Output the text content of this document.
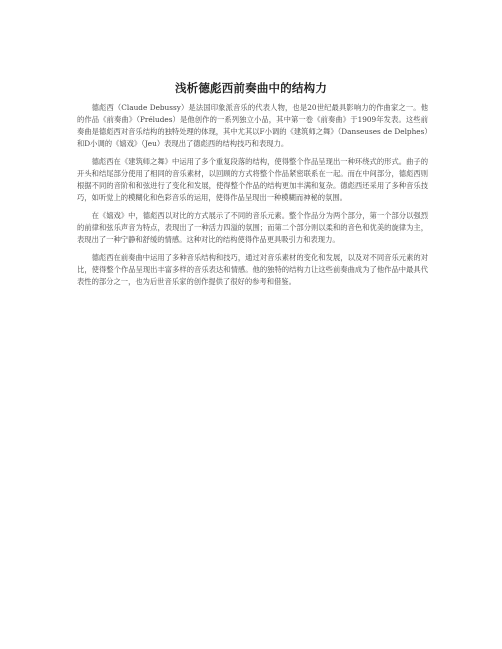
浅析德彪西前奏曲中的结构力

德彪西（Claude Debussy）是法国印象派音乐的代表人物，也是20世纪最具影响力的作曲家之一。他的作品《前奏曲》（Préludes）是他创作的一系列独立小品，其中第一卷《前奏曲》于1909年发表。这些前奏曲是德彪西对音乐结构的独特处理的体现，其中尤其以F小调的《建筑师之舞》（Danseuses de Delphes）和D小调的《嬉戏》（Jeu）表现出了德彪西的结构技巧和表现力。

德彪西在《建筑师之舞》中运用了多个重复段落的结构，使得整个作品呈现出一种环绕式的形式。曲子的开头和结尾部分使用了相同的音乐素材，以回顾的方式将整个作品紧密联系在一起。而在中间部分，德彪西则根据不同的音阶和和弦进行了变化和发展，使得整个作品的结构更加丰满和复杂。德彪西还采用了多种音乐技巧，如听觉上的模糊化和色彩音乐的运用，使得作品呈现出一种模糊而神秘的氛围。

在《嬉戏》中，德彪西以对比的方式展示了不同的音乐元素。整个作品分为两个部分，第一个部分以强烈的前律和弦乐声音为特点，表现出了一种活力四溢的氛围；而第二个部分则以柔和的音色和优美的旋律为主，表现出了一种宁静和舒缓的情感。这种对比的结构使得作品更具吸引力和表现力。

德彪西在前奏曲中运用了多种音乐结构和技巧，通过对音乐素材的变化和发展，以及对不同音乐元素的对比，使得整个作品呈现出丰富多样的音乐表达和情感。他的独特的结构力让这些前奏曲成为了他作品中最具代表性的部分之一，也为后世音乐家的创作提供了很好的参考和借鉴。
